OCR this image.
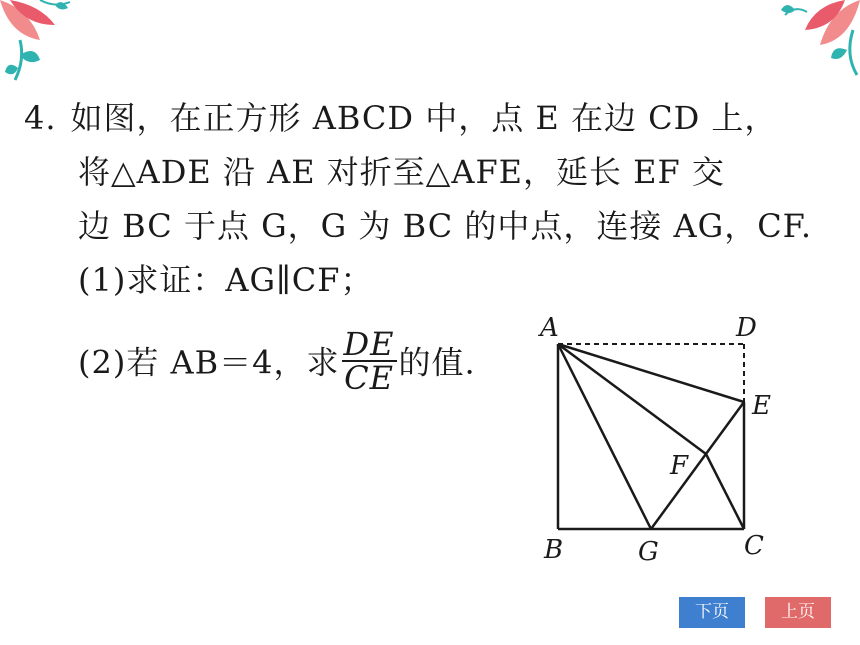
4. 如图，在正方形 ABCD 中，点 E 在边 CD 上，
将△ADE 沿 AE 对折至△AFE，延长 EF 交
边 BC 于点 G，G 为 BC 的中点，连接 AG，CF.
(1)求证：AG∥CF；
(2)若 AB＝4，求 $\frac{DE}{CE}$ 的值.
A	D
E
F
B	G	C
下页	上页
